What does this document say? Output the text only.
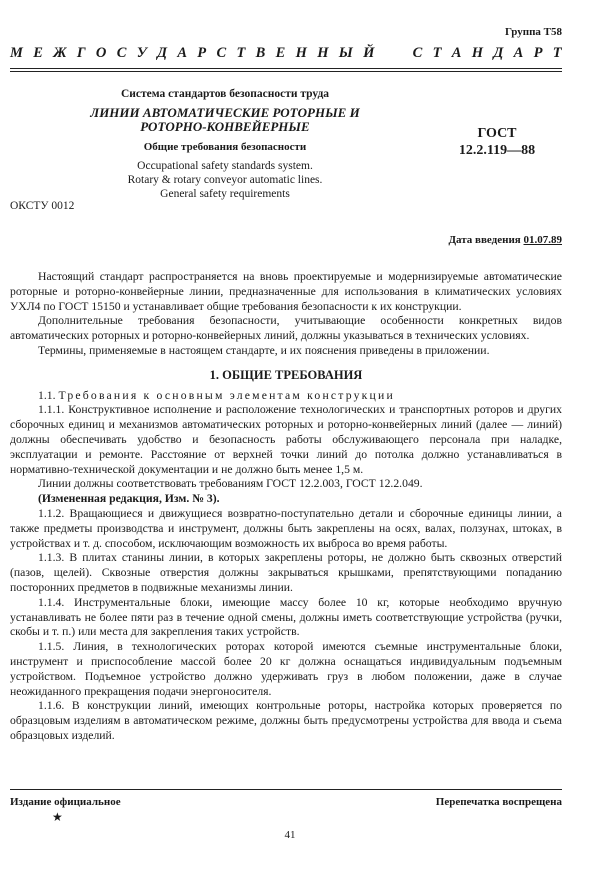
Группа Т58
М Е Ж Г О С У Д А Р С Т В Е Н Н Ы Й

	С Т А Н Д А Р Т
Система стандартов безопасности труда
ЛИНИИ АВТОМАТИЧЕСКИЕ РОТОРНЫЕ И
РОТОРНО-КОНВЕЙЕРНЫЕ
Общие требования безопасности
Occupational safety standards system.
Rotary & rotary conveyor automatic lines.
General safety requirements
ГОСТ
12.2.119—88
ОКСТУ 0012
Дата введения 01.07.89

Настоящий стандарт распространяется на вновь проектируемые и модернизируемые автоматические роторные и роторно-конвейерные линии, предназначенные для использования в климатических условиях УХЛ4 по ГОСТ 15150 и устанавливает общие требования безопасности к их конструкции.

Дополнительные требования безопасности, учитывающие особенности конкретных видов автоматических роторных и роторно-конвейерных линий, должны указываться в технических условиях.

Термины, применяемые в настоящем стандарте, и их пояснения приведены в приложении.

1. ОБЩИЕ ТРЕБОВАНИЯ

1.1. Требования к основным элементам конструкции

1.1.1. Конструктивное исполнение и расположение технологических и транспортных роторов и других сборочных единиц и механизмов автоматических роторных и роторно-конвейерных линий (далее — линий) должны обеспечивать удобство и безопасность работы обслуживающего персонала при наладке, эксплуатации и ремонте. Расстояние от верхней точки линий до потолка должно устанавливаться в нормативно-технической документации и не должно быть менее 1,5 м.

Линии должны соответствовать требованиям ГОСТ 12.2.003, ГОСТ 12.2.049.

(Измененная редакция, Изм. № 3).

1.1.2. Вращающиеся и движущиеся возвратно-поступательно детали и сборочные единицы линии, а также предметы производства и инструмент, должны быть закреплены на осях, валах, ползунах, штоках, в устройствах и т. д. способом, исключающим возможность их выброса во время работы.

1.1.3. В плитах станины линии, в которых закреплены роторы, не должно быть сквозных отверстий (пазов, щелей). Сквозные отверстия должны закрываться крышками, препятствующими попаданию посторонних предметов в подвижные механизмы линии.

1.1.4. Инструментальные блоки, имеющие массу более 10 кг, которые необходимо вручную устанавливать не более пяти раз в течение одной смены, должны иметь соответствующие устройства (ручки, скобы и т. п.) или места для закрепления таких устройств.

1.1.5. Линия, в технологических роторах которой имеются съемные инструментальные блоки, инструмент и приспособление массой более 20 кг должна оснащаться индивидуальным подъемным устройством. Подъемное устройство должно удерживать груз в любом положении, даже в случае неожиданного прекращения подачи энергоносителя.

1.1.6. В конструкции линий, имеющих контрольные роторы, настройка которых проверяется по образцовым изделиям в автоматическом режиме, должны быть предусмотрены устройства для ввода и съема образцовых изделий.

Издание официальное
★
Перепечатка воспрещена
41
